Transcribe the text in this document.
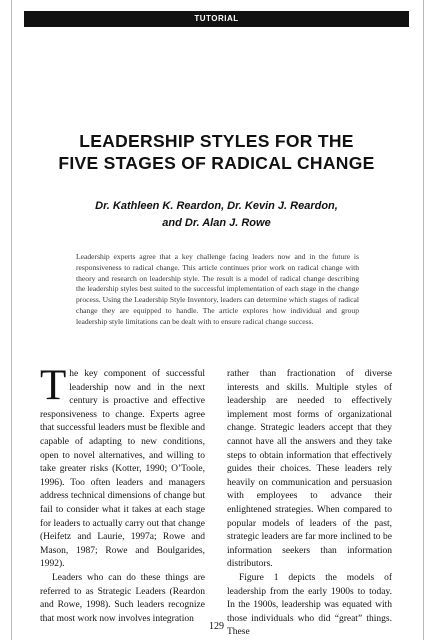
TUTORIAL
LEADERSHIP STYLES FOR THE
FIVE STAGES OF RADICAL CHANGE

Dr. Kathleen K. Reardon, Dr. Kevin J. Reardon,
and Dr. Alan J. Rowe

Leadership experts agree that a key challenge facing leaders now and in the future is responsiveness to radical change. This article continues prior work on radical change with theory and research on leadership style. The result is a model of radical change describing the leadership styles best suited to the successful implementation of each stage in the change process. Using the Leadership Style Inventory, leaders can determine which stages of radical change they are equipped to handle. The article explores how individual and group leadership style limitations can be dealt with to ensure radical change success.

The key component of successful leadership now and in the next century is proactive and effective responsiveness to change. Experts agree that successful leaders must be flexible and capable of adapting to new conditions, open to novel alternatives, and willing to take greater risks (Kotter, 1990; O’Toole, 1996). Too often leaders and managers address technical dimensions of change but fail to consider what it takes at each stage for leaders to actually carry out that change (Heifetz and Laurie, 1997a; Rowe and Mason, 1987; Rowe and Boulgarides, 1992).

Leaders who can do these things are referred to as Strategic Leaders (Reardon and Rowe, 1998). Such leaders recognize that most work now involves integration

rather than fractionation of diverse interests and skills. Multiple styles of leadership are needed to effectively implement most forms of organizational change. Strategic leaders accept that they cannot have all the answers and they take steps to obtain information that effectively guides their choices. These leaders rely heavily on communication and persuasion with employees to advance their enlightened strategies. When compared to popular models of leaders of the past, strategic leaders are far more inclined to be information seekers than information distributors.

Figure 1 depicts the models of leadership from the early 1900s to today. In the 1900s, leadership was equated with those individuals who did “great” things. These

129
